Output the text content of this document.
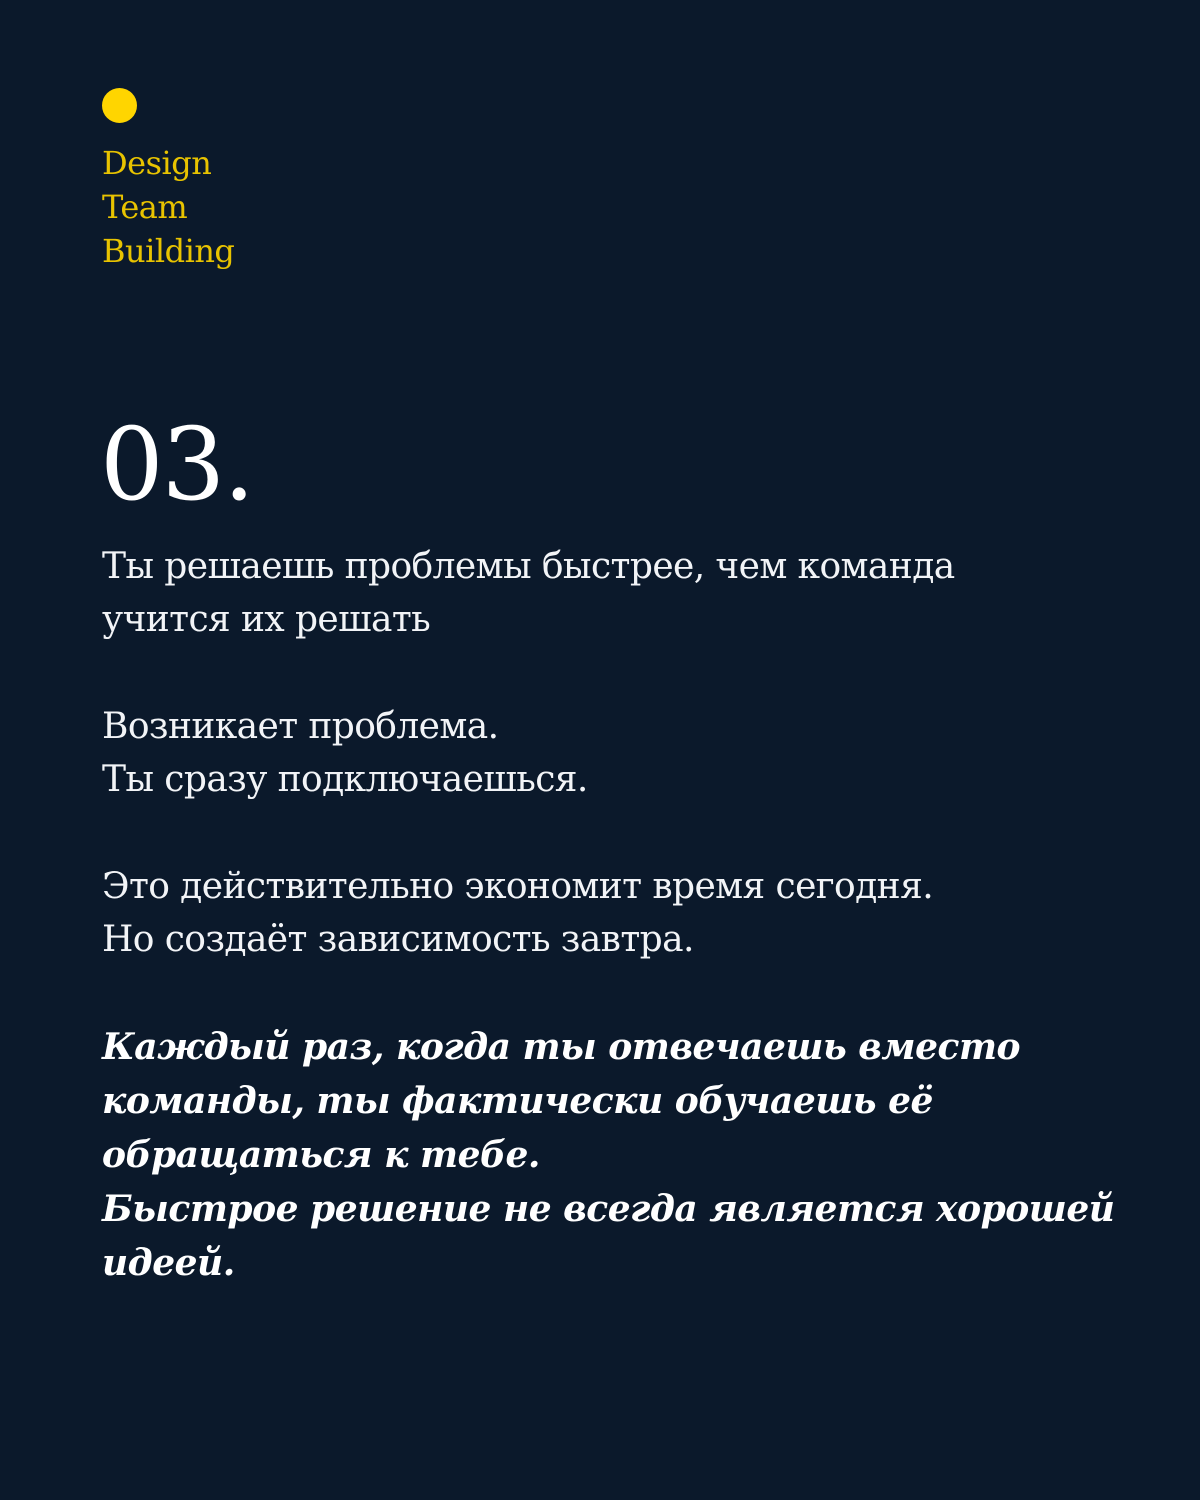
Design
Team
Building
03.

Ты решаешь проблемы быстрее, чем команда
учится их решать

Возникает проблема.
Ты сразу подключаешься.

Это действительно экономит время сегодня.
Но создаёт зависимость завтра.

Каждый раз, когда ты отвечаешь вместо
команды, ты фактически обучаешь её
обращаться к тебе.
Быстрое решение не всегда является хорошей
идеей.
